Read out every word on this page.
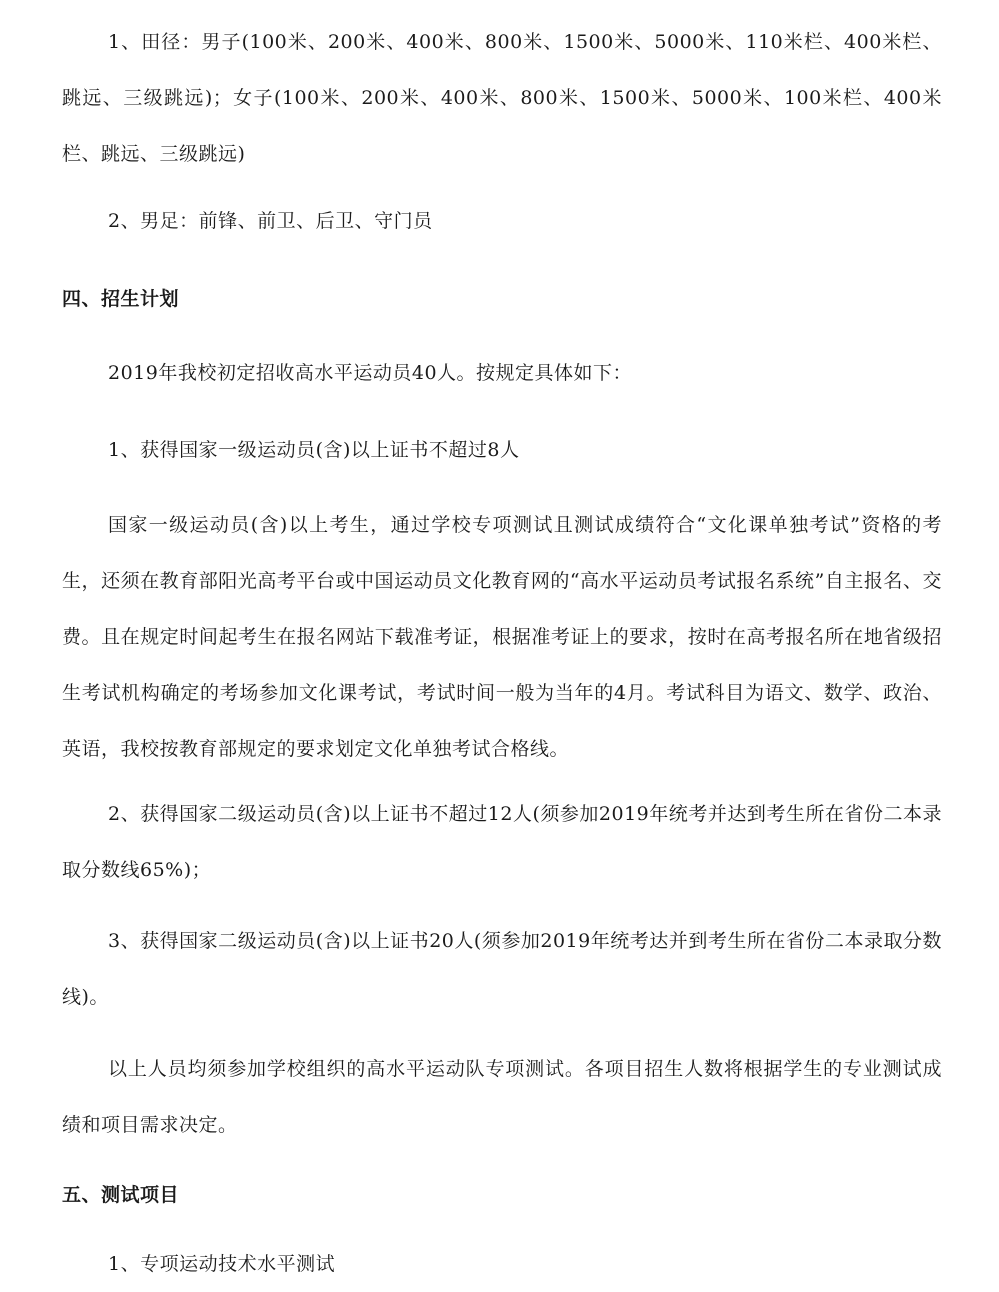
1、田径：男子(100米、200米、400米、800米、1500米、5000米、110米栏、400米栏、跳远、三级跳远)；女子(100米、200米、400米、800米、1500米、5000米、100米栏、400米栏、跳远、三级跳远)

2、男足：前锋、前卫、后卫、守门员

四、招生计划

2019年我校初定招收高水平运动员40人。按规定具体如下：

1、获得国家一级运动员(含)以上证书不超过8人

国家一级运动员(含)以上考生，通过学校专项测试且测试成绩符合“文化课单独考试”资格的考生，还须在教育部阳光高考平台或中国运动员文化教育网的“高水平运动员考试报名系统”自主报名、交费。且在规定时间起考生在报名网站下载准考证，根据准考证上的要求，按时在高考报名所在地省级招生考试机构确定的考场参加文化课考试，考试时间一般为当年的4月。考试科目为语文、数学、政治、英语，我校按教育部规定的要求划定文化单独考试合格线。

2、获得国家二级运动员(含)以上证书不超过12人(须参加2019年统考并达到考生所在省份二本录取分数线65%)；

3、获得国家二级运动员(含)以上证书20人(须参加2019年统考达并到考生所在省份二本录取分数线)。

以上人员均须参加学校组织的高水平运动队专项测试。各项目招生人数将根据学生的专业测试成绩和项目需求决定。

五、测试项目

1、专项运动技术水平测试
